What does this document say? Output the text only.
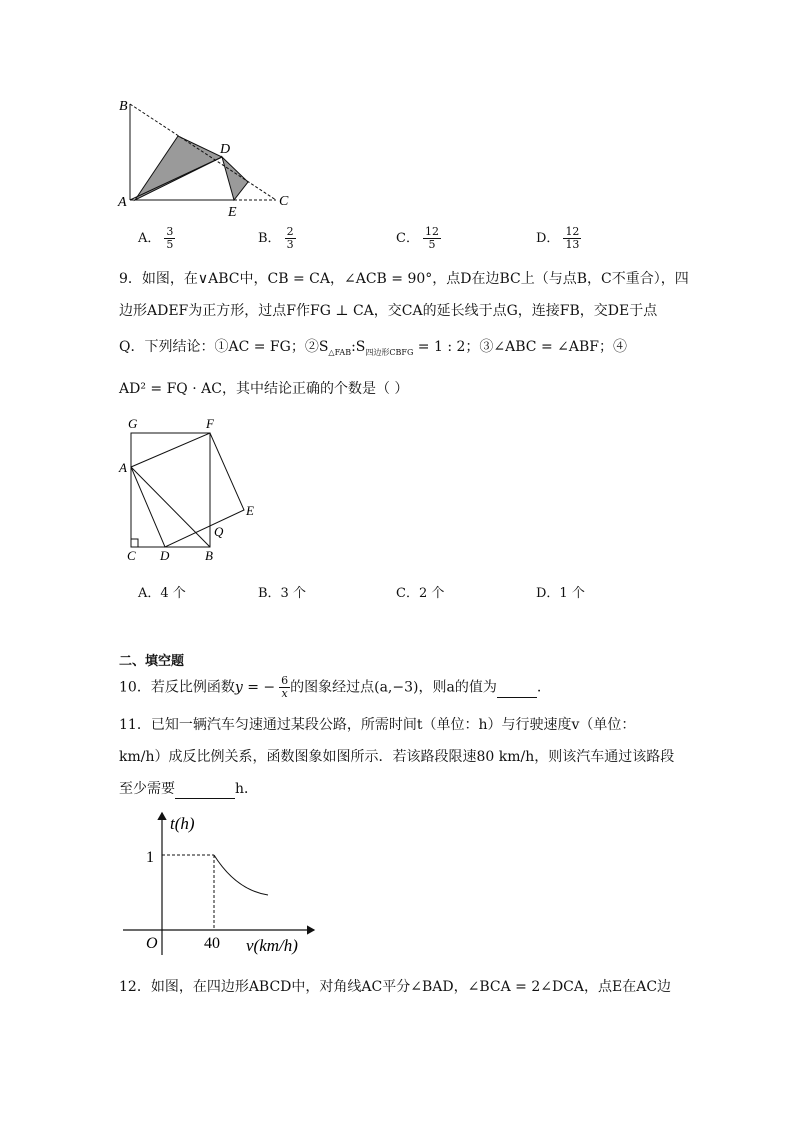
B
D
A
E
C
A． $\frac{3}{5}$	B． $\frac{2}{3}$	C． $\frac{12}{5}$	D． $\frac{12}{13}$
9．如图，在∨ABC中，CB = CA，∠ACB = 90°，点D在边BC上（与点B，C不重合），四
边形ADEF为正方形，过点F作FG ⊥ CA，交CA的延长线于点G，连接FB，交DE于点
Q．下列结论：①AC = FG；$②S_{\triangle FAB}:S_{四边形CBFG} = 1$ : 2；③∠ABC = ∠ABF；④
AD² = FQ · AC，其中结论正确的个数是（ ）
G	F
A
E
Q
C D	B
A．4 个	B．3 个	C．2 个	D．1 个
二、填空题
10．若反比例函数y = − $\frac{6}{x}$ 的图象经过点(a,−3)，则a的值为	.
11．已知一辆汽车匀速通过某段公路，所需时间t（单位：h）与行驶速度v（单位：
km/h）成反比例关系，函数图象如图所示．若该路段限速80 km/h，则该汽车通过该路段
至少需要	h．
t(h)
1
O	40 v(km/h)
12．如图，在四边形ABCD中，对角线AC平分∠BAD，∠BCA = 2∠DCA，点E在AC边
